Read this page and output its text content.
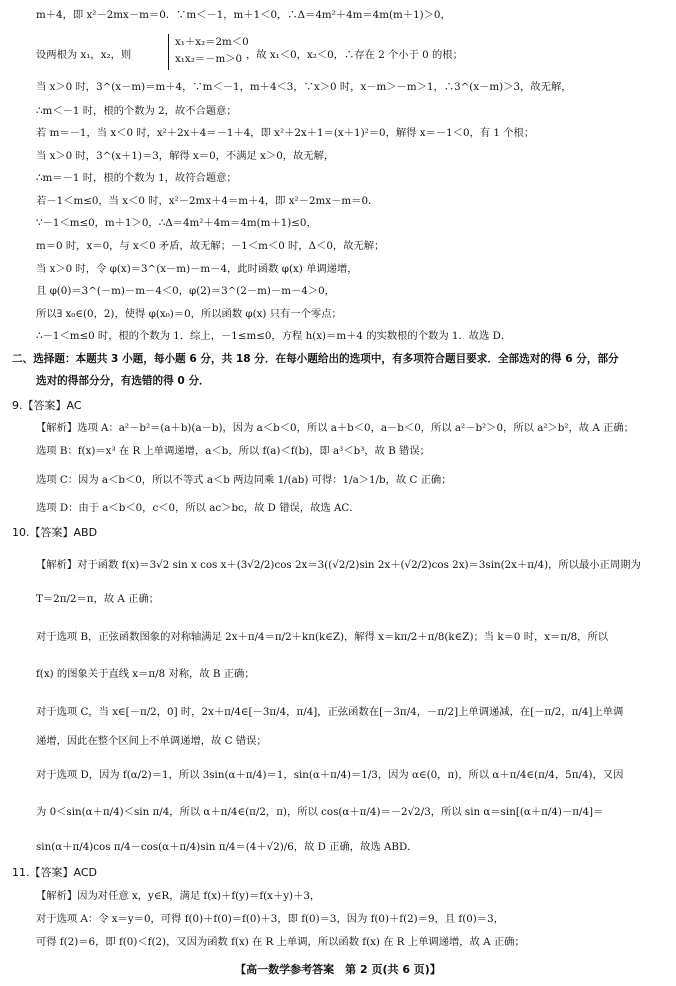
m＋4，即 x²－2mx－m＝0．∵m＜－1，m＋1＜0，∴Δ＝4m²＋4m＝4m(m＋1)＞0，
设两根为 x₁，x₂，则
x₁＋x₂＝2m＜0
x₁x₂＝－m＞0 ，故 x₁＜0，x₂＜0，∴存在 2 个小于 0 的根；
当 x＞0 时，3^(x－m)＝m＋4，∵m＜－1，m＋4＜3，∵x＞0 时，x－m＞－m＞1，∴3^(x－m)＞3，故无解，
∴m＜－1 时，根的个数为 2，故不合题意；
若 m＝－1，当 x＜0 时，x²＋2x＋4＝－1＋4，即 x²＋2x＋1＝(x＋1)²＝0，解得 x＝－1＜0，有 1 个根；
当 x＞0 时，3^(x＋1)＝3，解得 x＝0，不满足 x＞0，故无解，
∴m＝－1 时，根的个数为 1，故符合题意；
若－1＜m≤0，当 x＜0 时，x²－2mx＋4＝m＋4，即 x²－2mx－m＝0．
∵－1＜m≤0，m＋1＞0，∴Δ＝4m²＋4m＝4m(m＋1)≤0，
m＝0 时，x＝0，与 x＜0 矛盾，故无解；－1＜m＜0 时，Δ＜0，故无解；
当 x＞0 时，令 φ(x)＝3^(x－m)－m－4，此时函数 φ(x) 单调递增，
且 φ(0)＝3^(－m)－m－4＜0，φ(2)＝3^(2－m)－m－4＞0，
所以∃ x₀∈(0，2)，使得 φ(x₀)＝0，所以函数 φ(x) 只有一个零点；
∴－1＜m≤0 时，根的个数为 1．综上，－1≤m≤0，方程 h(x)＝m＋4 的实数根的个数为 1．故选 D．
二、选择题：本题共 3 小题，每小题 6 分，共 18 分．在每小题给出的选项中，有多项符合题目要求．全部选对的得 6 分，部分
选对的得部分分，有选错的得 0 分．
9.【答案】AC
【解析】选项 A：a²－b²＝(a＋b)(a－b)，因为 a＜b＜0，所以 a＋b＜0，a－b＜0，所以 a²－b²＞0，所以 a²＞b²，故 A 正确；
选项 B：f(x)＝x³ 在 R 上单调递增，a＜b，所以 f(a)＜f(b)，即 a³＜b³，故 B 错误；
选项 C：因为 a＜b＜0，所以不等式 a＜b 两边同乘 1/(ab) 可得：1/a＞1/b，故 C 正确；
选项 D：由于 a＜b＜0，c＜0，所以 ac＞bc，故 D 错误，故选 AC．
10.【答案】ABD
【解析】对于函数 f(x)＝3√2 sin x cos x＋(3√2/2)cos 2x＝3((√2/2)sin 2x＋(√2/2)cos 2x)＝3sin(2x＋π/4)，所以最小正周期为
T＝2π/2＝π，故 A 正确；
对于选项 B，正弦函数图象的对称轴满足 2x＋π/4＝π/2＋kπ(k∈Z)，解得 x＝kπ/2＋π/8(k∈Z)；当 k＝0 时，x＝π/8，所以
f(x) 的图象关于直线 x＝π/8 对称，故 B 正确；
对于选项 C，当 x∈[－π/2，0] 时，2x＋π/4∈[－3π/4，π/4]，正弦函数在[－3π/4，－π/2]上单调递减，在[－π/2，π/4]上单调
递增，因此在整个区间上不单调递增，故 C 错误；
对于选项 D，因为 f(α/2)＝1，所以 3sin(α＋π/4)＝1，sin(α＋π/4)＝1/3，因为 α∈(0，π)，所以 α＋π/4∈(π/4，5π/4)，又因
为 0＜sin(α＋π/4)＜sin π/4，所以 α＋π/4∈(π/2，π)，所以 cos(α＋π/4)＝－2√2/3，所以 sin α＝sin[(α＋π/4)－π/4]＝
sin(α＋π/4)cos π/4－cos(α＋π/4)sin π/4＝(4＋√2)/6，故 D 正确，故选 ABD．
11.【答案】ACD
【解析】因为对任意 x，y∈R，满足 f(x)＋f(y)＝f(x＋y)＋3，
对于选项 A：令 x＝y＝0，可得 f(0)＋f(0)＝f(0)＋3，即 f(0)＝3，因为 f(0)＋f(2)＝9，且 f(0)＝3，
可得 f(2)＝6，即 f(0)＜f(2)，又因为函数 f(x) 在 R 上单调，所以函数 f(x) 在 R 上单调递增，故 A 正确；
【高一数学参考答案　第 2 页(共 6 页)】
